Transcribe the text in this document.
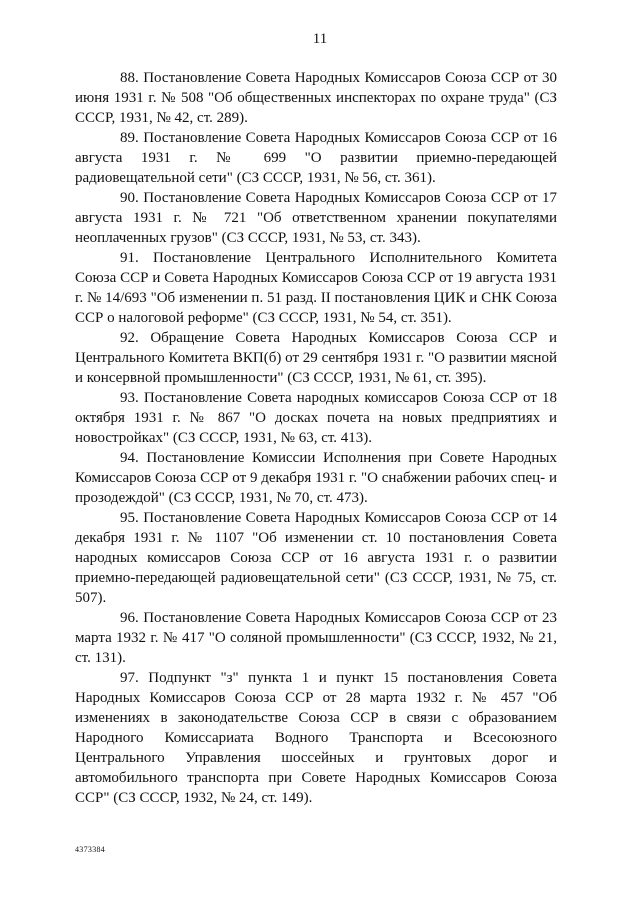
11

88. Постановление Совета Народных Комиссаров Союза ССР от 30 июня 1931 г. № 508 "Об общественных инспекторах по охране труда" (СЗ СССР, 1931, № 42, ст. 289).

89. Постановление Совета Народных Комиссаров Союза ССР от 16 августа 1931 г. № 699 "О развитии приемно-передающей радиовещательной сети" (СЗ СССР, 1931, № 56, ст. 361).

90. Постановление Совета Народных Комиссаров Союза ССР от 17 августа 1931 г. № 721 "Об ответственном хранении покупателями неоплаченных грузов" (СЗ СССР, 1931, № 53, ст. 343).

91. Постановление Центрального Исполнительного Комитета Союза ССР и Совета Народных Комиссаров Союза ССР от 19 августа 1931 г. № 14/693 "Об изменении п. 51 разд. II постановления ЦИК и СНК Союза ССР о налоговой реформе" (СЗ СССР, 1931, № 54, ст. 351).

92. Обращение Совета Народных Комиссаров Союза ССР и Центрального Комитета ВКП(б) от 29 сентября 1931 г. "О развитии мясной и консервной промышленности" (СЗ СССР, 1931, № 61, ст. 395).

93. Постановление Совета народных комиссаров Союза ССР от 18 октября 1931 г. № 867 "О досках почета на новых предприятиях и новостройках" (СЗ СССР, 1931, № 63, ст. 413).

94. Постановление Комиссии Исполнения при Совете Народных Комиссаров Союза ССР от 9 декабря 1931 г. "О снабжении рабочих спец- и прозодеждой" (СЗ СССР, 1931, № 70, ст. 473).

95. Постановление Совета Народных Комиссаров Союза ССР от 14 декабря 1931 г. № 1107 "Об изменении ст. 10 постановления Совета народных комиссаров Союза ССР от 16 августа 1931 г. о развитии приемно-передающей радиовещательной сети" (СЗ СССР, 1931, № 75, ст. 507).

96. Постановление Совета Народных Комиссаров Союза ССР от 23 марта 1932 г. № 417 "О соляной промышленности" (СЗ СССР, 1932, № 21, ст. 131).

97. Подпункт "з" пункта 1 и пункт 15 постановления Совета Народных Комиссаров Союза ССР от 28 марта 1932 г. № 457 "Об изменениях в законодательстве Союза ССР в связи с образованием Народного Комиссариата Водного Транспорта и Всесоюзного Центрального Управления шоссейных и грунтовых дорог и автомобильного транспорта при Совете Народных Комиссаров Союза ССР" (СЗ СССР, 1932, № 24, ст. 149).

4373384
